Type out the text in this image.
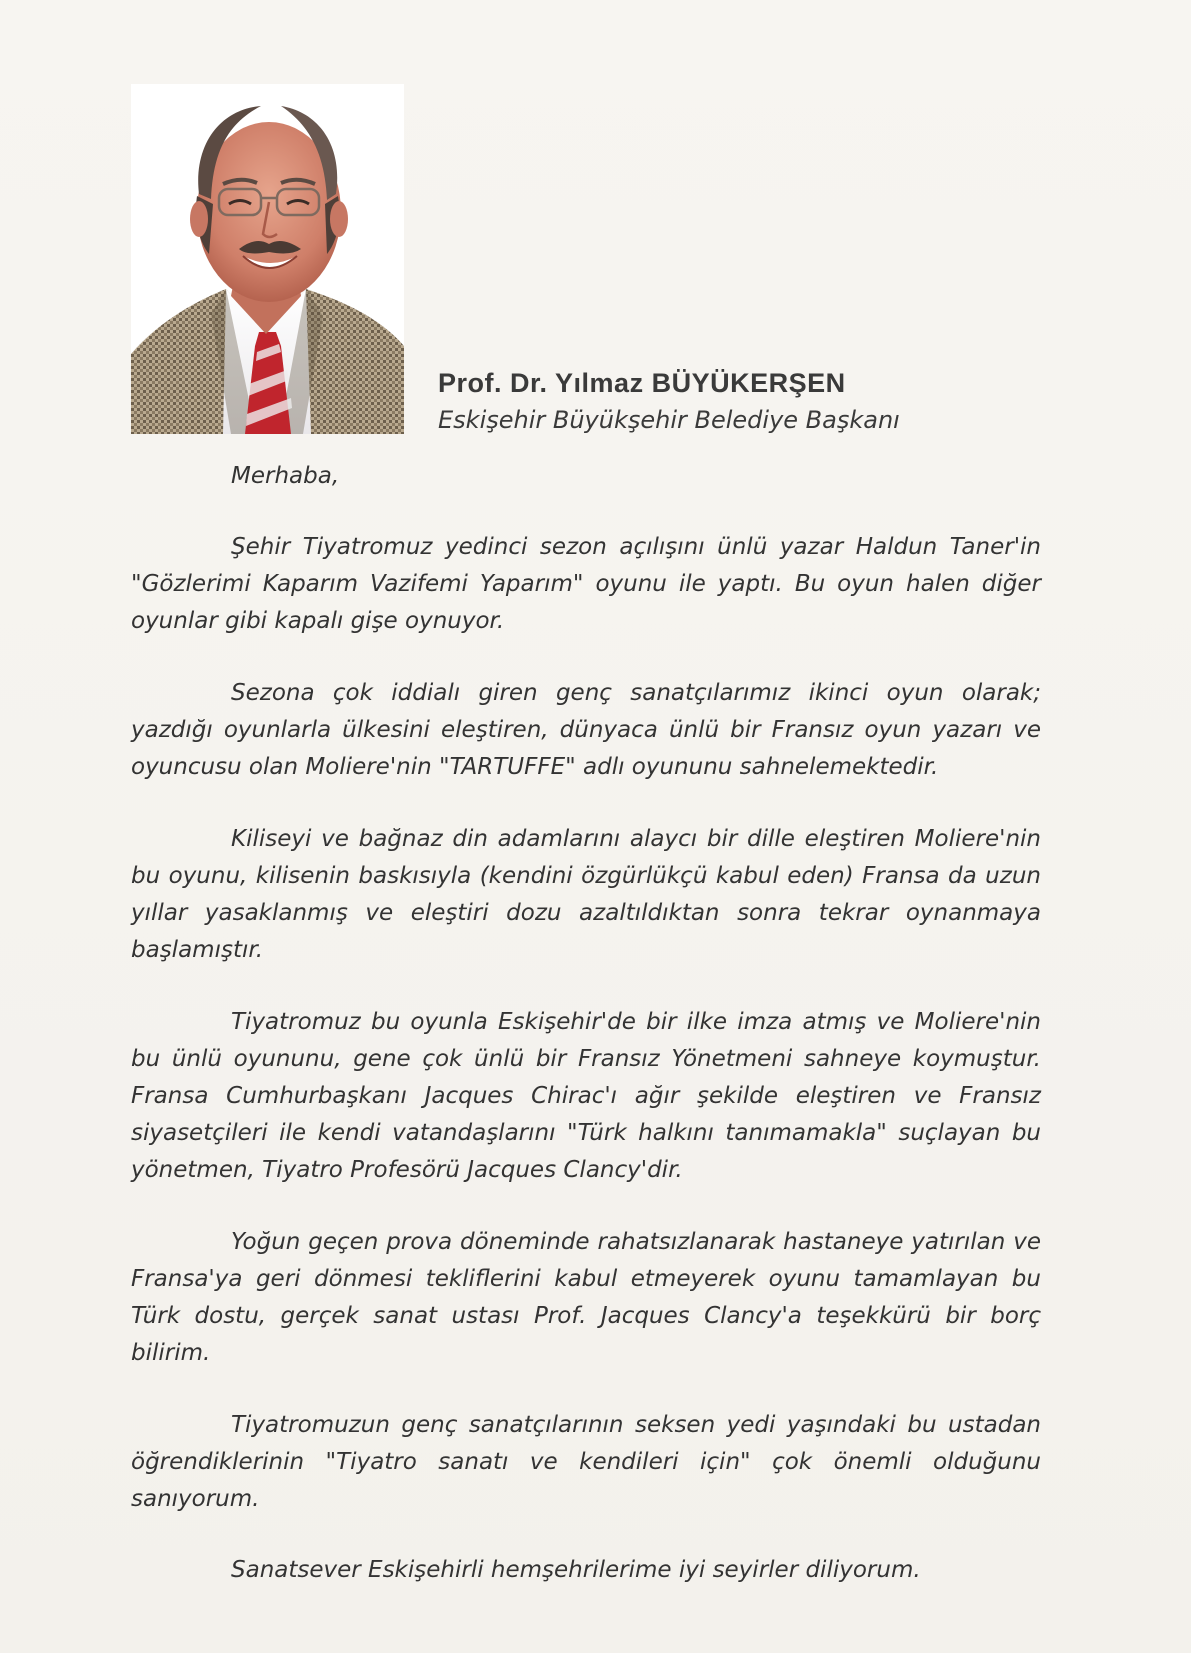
Prof. Dr. Yılmaz BÜYÜKERŞEN

Eskişehir Büyükşehir Belediye Başkanı

Merhaba,

Şehir Tiyatromuz yedinci sezon açılışını ünlü yazar Haldun Taner'in "Gözlerimi Kaparım Vazifemi Yaparım" oyunu ile yaptı. Bu oyun halen diğer oyunlar gibi kapalı gişe oynuyor.

Sezona çok iddialı giren genç sanatçılarımız ikinci oyun olarak; yazdığı oyunlarla ülkesini eleştiren, dünyaca ünlü bir Fransız oyun yazarı ve oyuncusu olan Moliere'nin "TARTUFFE" adlı oyununu sahnelemektedir.

Kiliseyi ve bağnaz din adamlarını alaycı bir dille eleştiren Moliere'nin bu oyunu, kilisenin baskısıyla (kendini özgürlükçü kabul eden) Fransa da uzun yıllar yasaklanmış ve eleştiri dozu azaltıldıktan sonra tekrar oynanmaya başlamıştır.

Tiyatromuz bu oyunla Eskişehir'de bir ilke imza atmış ve Moliere'nin bu ünlü oyununu, gene çok ünlü bir Fransız Yönetmeni sahneye koymuştur. Fransa Cumhurbaşkanı Jacques Chirac'ı ağır şekilde eleştiren ve Fransız siyasetçileri ile kendi vatandaşlarını "Türk halkını tanımamakla" suçlayan bu yönetmen, Tiyatro Profesörü Jacques Clancy'dir.

Yoğun geçen prova döneminde rahatsızlanarak hastaneye yatırılan ve Fransa'ya geri dönmesi tekliflerini kabul etmeyerek oyunu tamamlayan bu Türk dostu, gerçek sanat ustası Prof. Jacques Clancy'a teşekkürü bir borç bilirim.

Tiyatromuzun genç sanatçılarının seksen yedi yaşındaki bu ustadan öğrendiklerinin "Tiyatro sanatı ve kendileri için" çok önemli olduğunu sanıyorum.

Sanatsever Eskişehirli hemşehrilerime iyi seyirler diliyorum.
